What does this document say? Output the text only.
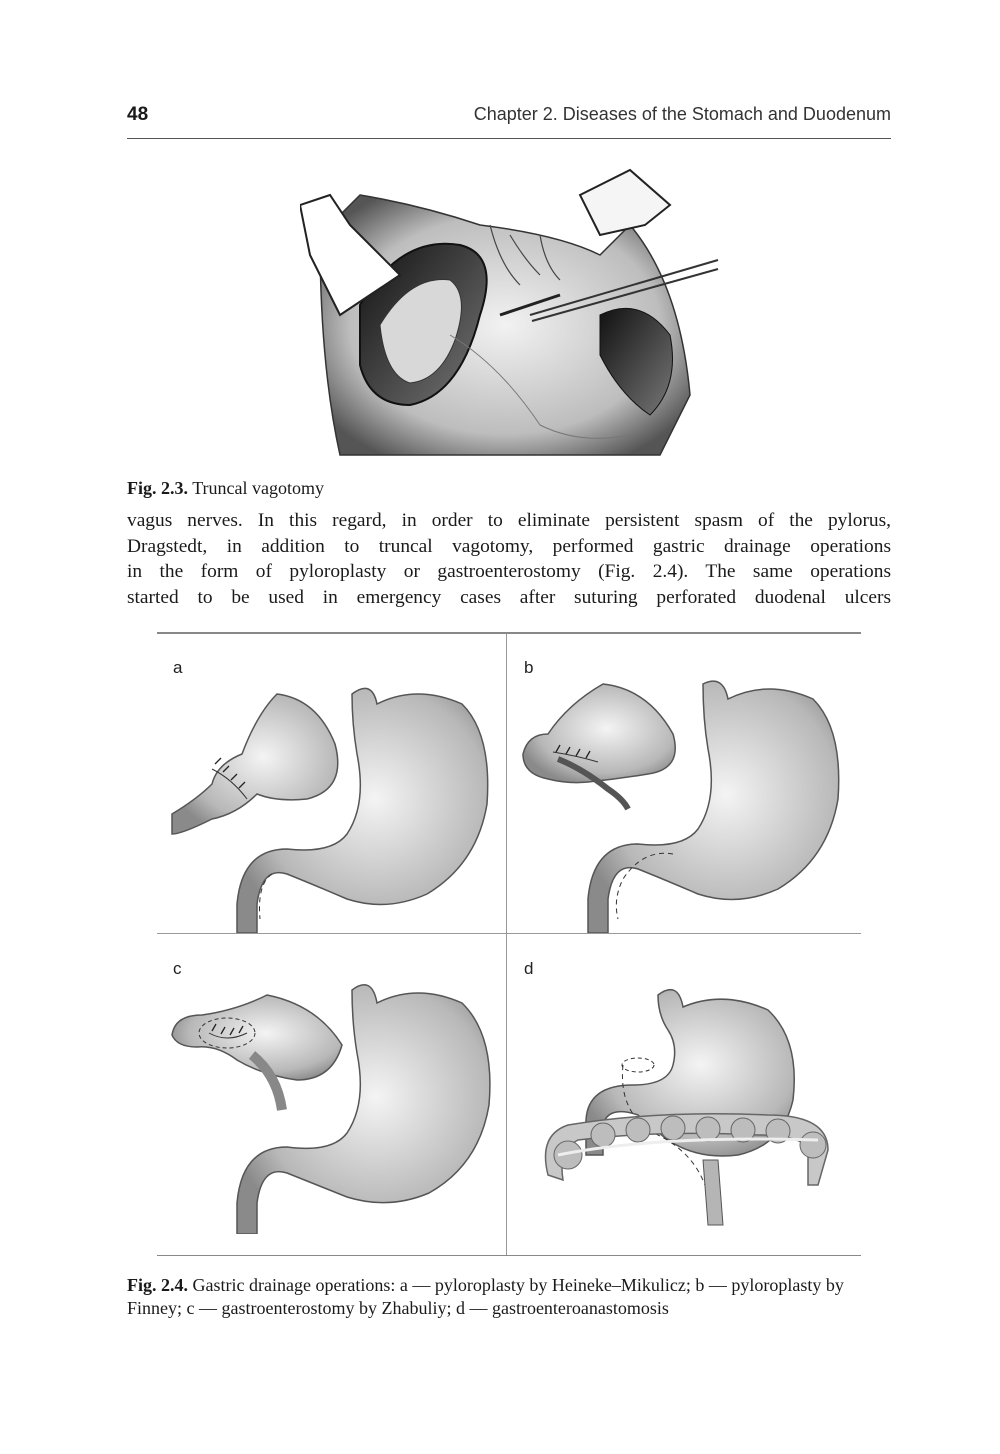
48	Chapter 2. Diseases of the Stomach and Duodenum
Fig. 2.3. Truncal vagotomy
vagus nerves. In this regard, in order to eliminate persistent spasm of the pylorus,
Dragstedt, in addition to truncal vagotomy, performed gastric drainage operations
in the form of pyloroplasty or gastroenterostomy (Fig. 2.4). The same operations
started to be used in emergency cases after suturing perforated duodenal ulcers
a	b
c	d
Fig. 2.4. Gastric drainage operations: a — pyloroplasty by Heineke–Mikulicz; b — pyloroplasty by Finney; c — gastroenterostomy by Zhabuliy; d — gastroenteroanastomosis
